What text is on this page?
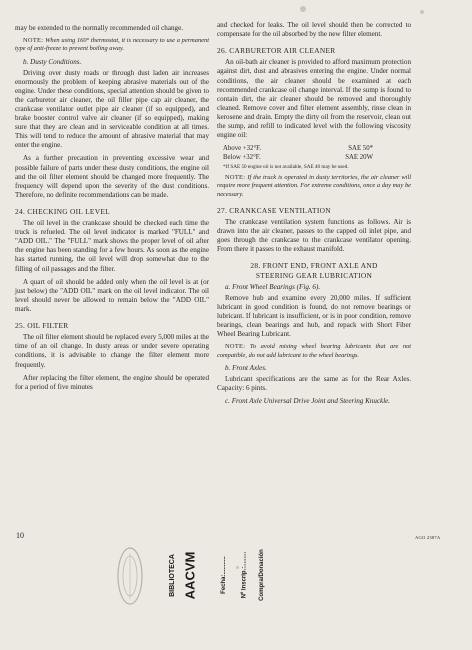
may be extended to the normally recommended oil change.

NOTE: When using 160° thermostat, it is necessary to use a permanent type of anti-freeze to prevent boiling away.

b. Dusty Conditions.

Driving over dusty roads or through dust laden air increases enormously the problem of keeping abrasive materials out of the engine. Under these conditions, special attention should be given to the carburetor air cleaner, the oil filler pipe cap air cleaner, the crankcase ventilator outlet pipe air cleaner (if so equipped), and brake booster control valve air cleaner (if so equipped), making sure that they are clean and in serviceable condition at all times. This will tend to reduce the amount of abrasive material that may enter the engine.

As a further precaution in preventing excessive wear and possible failure of parts under these dusty conditions, the engine oil and the oil filter element should be changed more frequently. The frequency will depend upon the severity of the dust conditions. Therefore, no definite recommendations can be made.

24. CHECKING OIL LEVEL

The oil level in the crankcase should be checked each time the truck is refueled. The oil level indicator is marked "FULL" and "ADD OIL." The "FULL" mark shows the proper level of oil after the engine has been standing for a few hours. As soon as the engine has started running, the oil level will drop somewhat due to the filling of oil passages and the filter.

A quart of oil should be added only when the oil level is at (or just below) the "ADD OIL" mark on the oil level indicator. The oil level should never be allowed to remain below the "ADD OIL" mark.

25. OIL FILTER

The oil filter element should be replaced every 5,000 miles at the time of an oil change. In dusty areas or under severe operating conditions, it is advisable to change the filter element more frequently.

After replacing the filter element, the engine should be operated for a period of five minutes

and checked for leaks. The oil level should then be corrected to compensate for the oil absorbed by the new filter element.

26. CARBURETOR AIR CLEANER

An oil-bath air cleaner is provided to afford maximum protection against dirt, dust and abrasives entering the engine. Under normal conditions, the air cleaner should be examined at each recommended crankcase oil change interval. If the sump is found to contain dirt, the air cleaner should be removed and thoroughly cleaned. Remove cover and filter element assembly, rinse clean in kerosene and drain. Empty the dirty oil from the reservoir, clean out the sump, and refill to indicated level with the following viscosity engine oil:

Above +32°F.	SAE 50*
Below +32°F.	SAE 20W
*If SAE 50 engine oil is not available, SAE 40 may be used.

NOTE: If the truck is operated in dusty territories, the air cleaner will require more frequent attention. For extreme conditions, once a day may be necessary.

27. CRANKCASE VENTILATION

The crankcase ventilation system functions as follows. Air is drawn into the air cleaner, passes to the capped oil inlet pipe, and goes through the crankcase to the crankcase ventilator opening. From there it passes to the exhaust manifold.

28. FRONT END, FRONT AXLE AND
STEERING GEAR LUBRICATION

a. Front Wheel Bearings (Fig. 6).

Remove hub and examine every 20,000 miles. If sufficient lubricant in good condition is found, do not remove bearings or lubricant. If lubricant is insufficient, or is in poor condition, remove bearings, clean bearings and hub, and repack with Short Fiber Wheel Bearing Lubricant.

NOTE: To avoid mixing wheel bearing lubricants that are not compatible, do not add lubricant to the wheel bearings.

b. Front Axles.

Lubricant specifications are the same as for the Rear Axles. Capacity: 6 pints.

c. Front Axle Universal Drive Joint and Steering Knuckle.

10	AGO 2387A
BIBLIOTECA AACVM	Fecha:........... Nº Inscrip.:......... Compra/Donación
